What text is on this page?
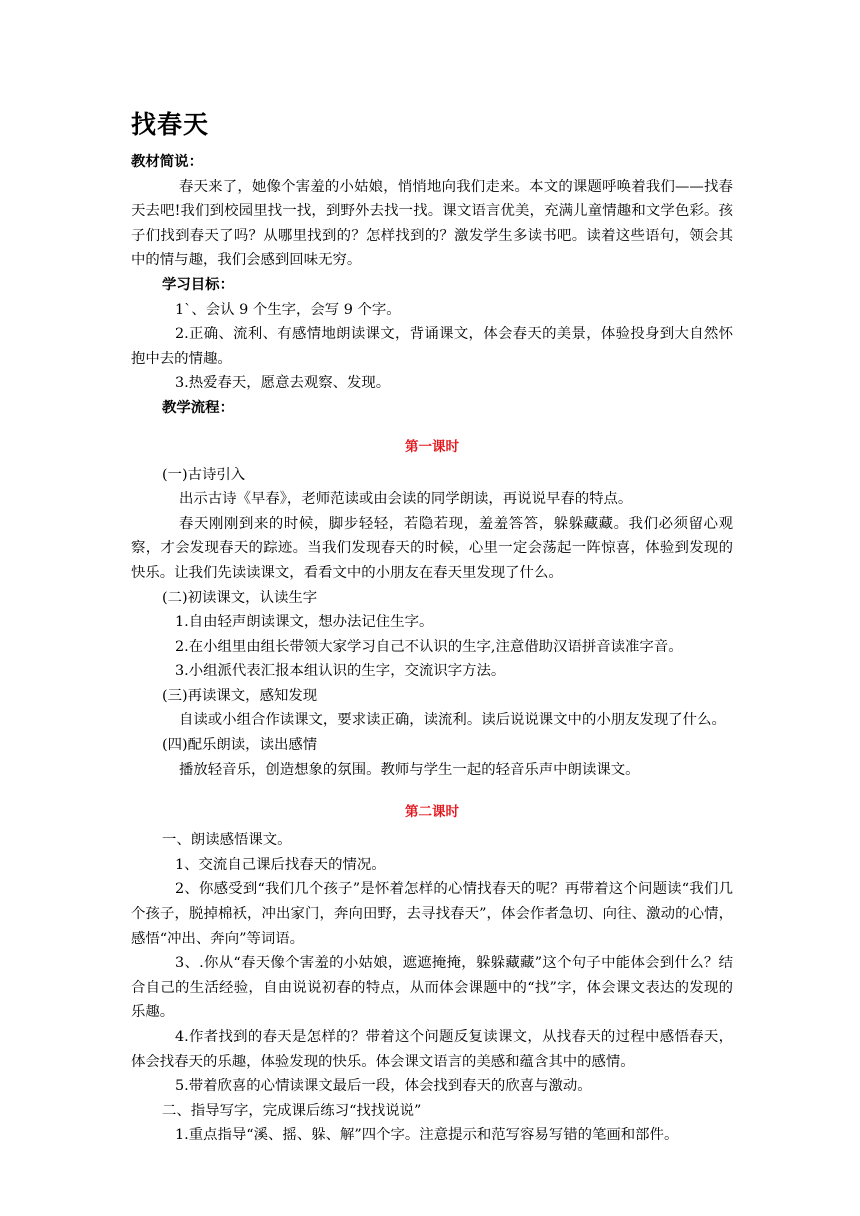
找春天

教材简说：

春天来了，她像个害羞的小姑娘，悄悄地向我们走来。本文的课题呼唤着我们——找春天去吧!我们到校园里找一找，到野外去找一找。课文语言优美，充满儿童情趣和文学色彩。孩子们找到春天了吗？从哪里找到的？怎样找到的？激发学生多读书吧。读着这些语句，领会其中的情与趣，我们会感到回味无穷。

学习目标：

1`、会认 9 个生字，会写 9 个字。

2.正确、流利、有感情地朗读课文，背诵课文，体会春天的美景，体验投身到大自然怀抱中去的情趣。

3.热爱春天，愿意去观察、发现。

教学流程：

第一课时

(一)古诗引入

出示古诗《早春》，老师范读或由会读的同学朗读，再说说早春的特点。

春天刚刚到来的时候，脚步轻轻，若隐若现，羞羞答答，躲躲藏藏。我们必须留心观察，才会发现春天的踪迹。当我们发现春天的时候，心里一定会荡起一阵惊喜，体验到发现的快乐。让我们先读读课文，看看文中的小朋友在春天里发现了什么。

(二)初读课文，认读生字

1.自由轻声朗读课文，想办法记住生字。

2.在小组里由组长带领大家学习自己不认识的生字,注意借助汉语拼音读准字音。

3.小组派代表汇报本组认识的生字，交流识字方法。

(三)再读课文，感知发现

自读或小组合作读课文，要求读正确，读流利。读后说说课文中的小朋友发现了什么。

(四)配乐朗读，读出感情

播放轻音乐，创造想象的氛围。教师与学生一起的轻音乐声中朗读课文。

第二课时

一、朗读感悟课文。

1、交流自己课后找春天的情况。

2、你感受到“我们几个孩子”是怀着怎样的心情找春天的呢？再带着这个问题读“我们几个孩子，脱掉棉袄，冲出家门，奔向田野，去寻找春天”，体会作者急切、向往、激动的心情，感悟“冲出、奔向”等词语。

3、.你从“春天像个害羞的小姑娘，遮遮掩掩，躲躲藏藏”这个句子中能体会到什么？结合自己的生活经验，自由说说初春的特点，从而体会课题中的“找”字，体会课文表达的发现的乐趣。

4.作者找到的春天是怎样的？带着这个问题反复读课文，从找春天的过程中感悟春天，体会找春天的乐趣，体验发现的快乐。体会课文语言的美感和蕴含其中的感情。

5.带着欣喜的心情读课文最后一段，体会找到春天的欣喜与激动。

二、指导写字，完成课后练习“找找说说”

1.重点指导“溪、摇、躲、解”四个字。注意提示和范写容易写错的笔画和部件。
